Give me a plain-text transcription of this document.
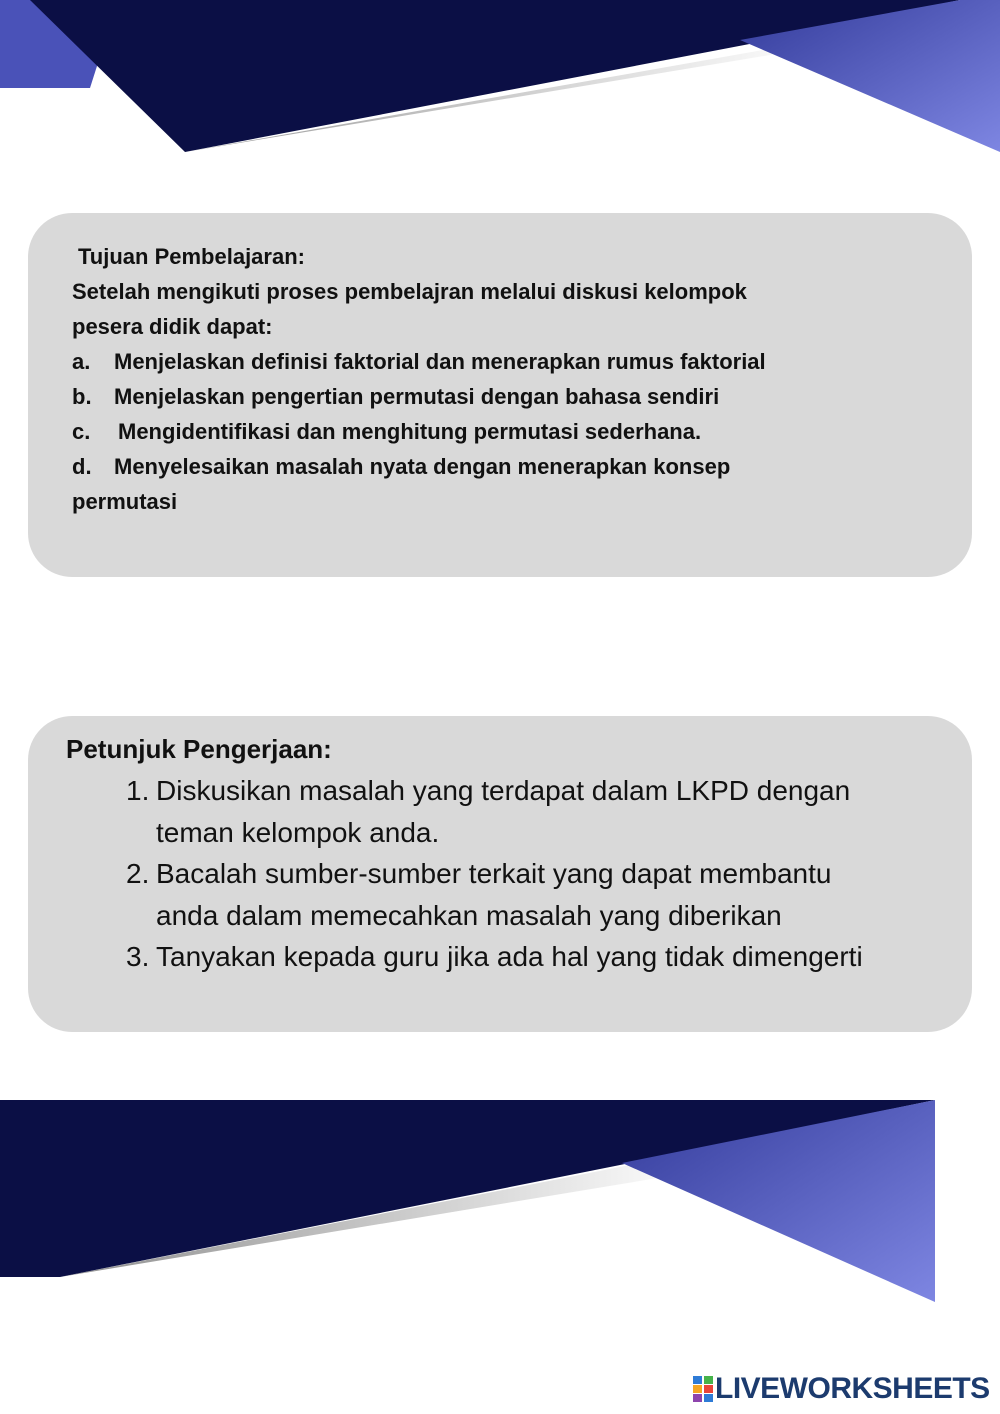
Tujuan Pembelajaran:

Setelah mengikuti proses pembelajran melalui diskusi kelompok

pesera didik dapat:

a.	Menjelaskan definisi faktorial dan menerapkan rumus faktorial
b.	Menjelaskan pengertian permutasi dengan bahasa sendiri
c.	Mengidentifikasi dan menghitung permutasi sederhana.
d.	Menyelesaikan masalah nyata dengan menerapkan konsep
permutasi

Petunjuk Pengerjaan:

1. Diskusikan masalah yang terdapat dalam LKPD dengan
teman kelompok anda.
2. Bacalah sumber-sumber terkait yang dapat membantu
anda dalam memecahkan masalah yang diberikan
3. Tanyakan kepada guru jika ada hal yang tidak dimengerti
LIVEWORKSHEETS
